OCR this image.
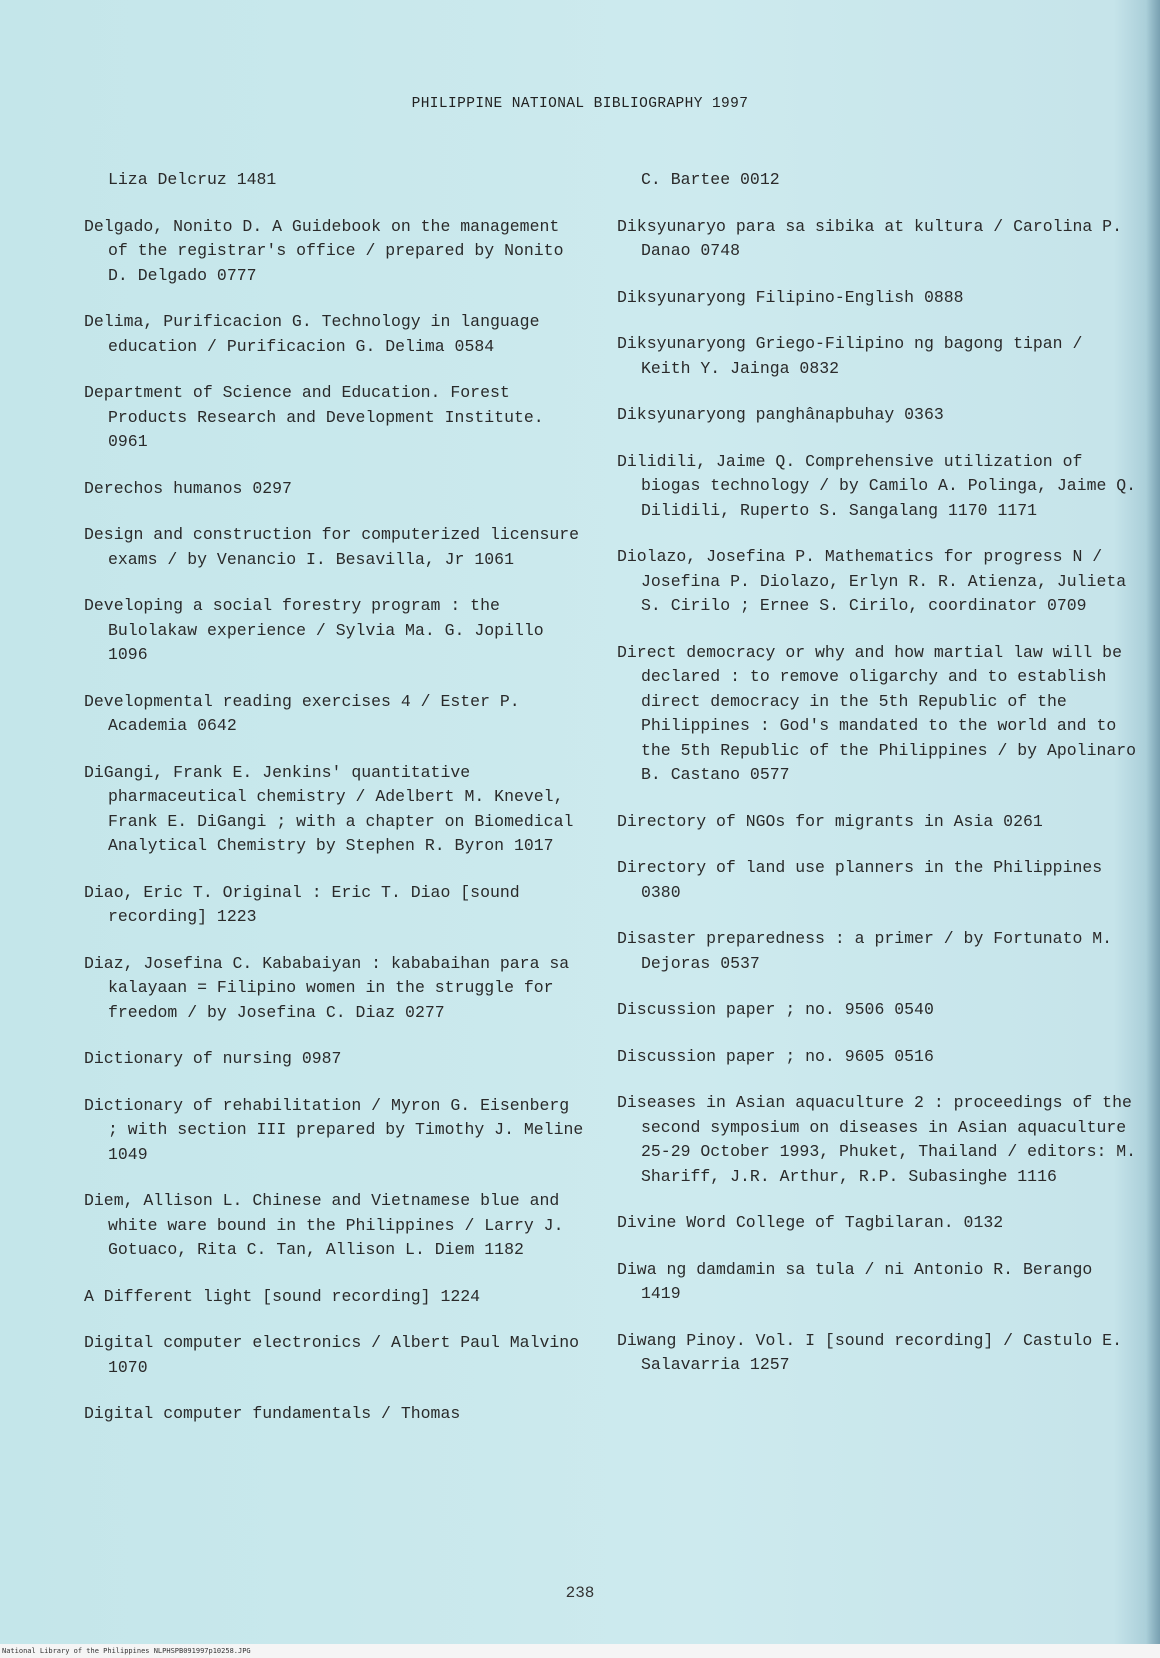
PHILIPPINE NATIONAL BIBLIOGRAPHY 1997
Liza Delcruz 1481
Delgado, Nonito D. A Guidebook on the management of the registrar's office / prepared by Nonito D. Delgado 0777
Delima, Purificacion G. Technology in language education / Purificacion G. Delima 0584
Department of Science and Education. Forest Products Research and Development Institute. 0961
Derechos humanos 0297
Design and construction for computerized licensure exams / by Venancio I. Besavilla, Jr 1061
Developing a social forestry program : the Bulolakaw experience / Sylvia Ma. G. Jopillo 1096
Developmental reading exercises 4 / Ester P. Academia 0642
DiGangi, Frank E. Jenkins' quantitative pharmaceutical chemistry / Adelbert M. Knevel, Frank E. DiGangi ; with a chapter on Biomedical Analytical Chemistry by Stephen R. Byron 1017
Diao, Eric T. Original : Eric T. Diao [sound recording] 1223
Diaz, Josefina C. Kababaiyan : kababaihan para sa kalayaan = Filipino women in the struggle for freedom / by Josefina C. Diaz 0277
Dictionary of nursing 0987
Dictionary of rehabilitation / Myron G. Eisenberg ; with section III prepared by Timothy J. Meline 1049
Diem, Allison L. Chinese and Vietnamese blue and white ware bound in the Philippines / Larry J. Gotuaco, Rita C. Tan, Allison L. Diem 1182
A Different light [sound recording] 1224
Digital computer electronics / Albert Paul Malvino 1070
Digital computer fundamentals / Thomas
C. Bartee 0012
Diksyunaryo para sa sibika at kultura / Carolina P. Danao 0748
Diksyunaryong Filipino-English 0888
Diksyunaryong Griego-Filipino ng bagong tipan / Keith Y. Jainga 0832
Diksyunaryong panghânapbuhay 0363
Dilidili, Jaime Q. Comprehensive utilization of biogas technology / by Camilo A. Polinga, Jaime Q. Dilidili, Ruperto S. Sangalang 1170 1171
Diolazo, Josefina P. Mathematics for progress N / Josefina P. Diolazo, Erlyn R. R. Atienza, Julieta S. Cirilo ; Ernee S. Cirilo, coordinator 0709
Direct democracy or why and how martial law will be declared : to remove oligarchy and to establish direct democracy in the 5th Republic of the Philippines : God's mandated to the world and to the 5th Republic of the Philippines / by Apolinaro B. Castano 0577
Directory of NGOs for migrants in Asia 0261
Directory of land use planners in the Philippines 0380
Disaster preparedness : a primer / by Fortunato M. Dejoras 0537
Discussion paper ; no. 9506 0540
Discussion paper ; no. 9605 0516
Diseases in Asian aquaculture 2 : proceedings of the second symposium on diseases in Asian aquaculture 25-29 October 1993, Phuket, Thailand / editors: M. Shariff, J.R. Arthur, R.P. Subasinghe 1116
Divine Word College of Tagbilaran. 0132
Diwa ng damdamin sa tula / ni Antonio R. Berango 1419
Diwang Pinoy. Vol. I [sound recording] / Castulo E. Salavarria 1257
238
National Library of the Philippines NLPHSPB091997p10258.JPG
